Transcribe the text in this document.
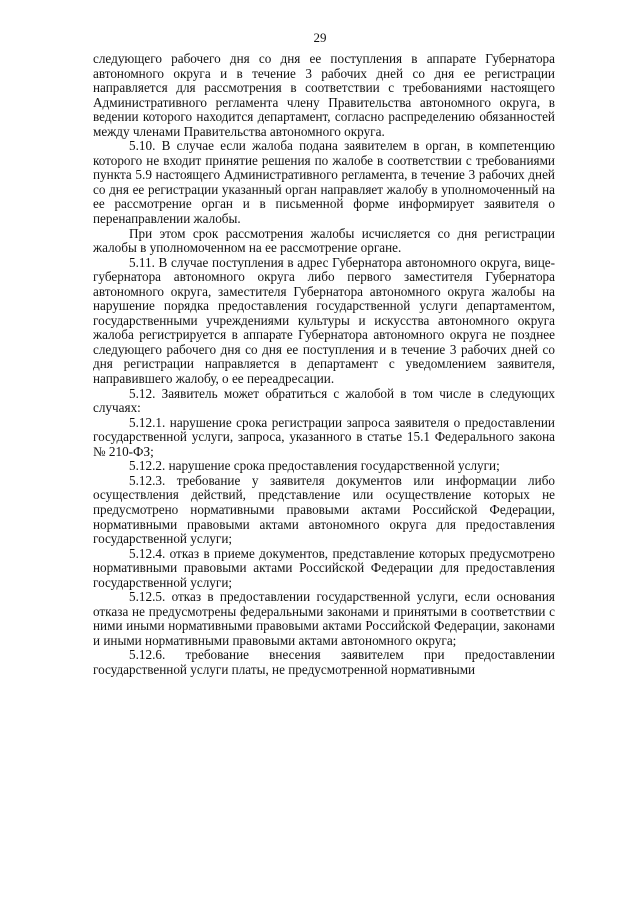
29

следующего рабочего дня со дня ее поступления в аппарате Губернатора автономного округа и в течение 3 рабочих дней со дня ее регистрации направляется для рассмотрения в соответствии с требованиями настоящего Административного регламента члену Правительства автономного округа, в ведении которого находится департамент, согласно распределению обязанностей между членами Правительства автономного округа.

5.10. В случае если жалоба подана заявителем в орган, в компетенцию которого не входит принятие решения по жалобе в соответствии с требованиями пункта 5.9 настоящего Административного регламента, в течение 3 рабочих дней со дня ее регистрации указанный орган направляет жалобу в уполномоченный на ее рассмотрение орган и в письменной форме информирует заявителя о перенаправлении жалобы.

При этом срок рассмотрения жалобы исчисляется со дня регистрации жалобы в уполномоченном на ее рассмотрение органе.

5.11. В случае поступления в адрес Губернатора автономного округа, вице-губернатора автономного округа либо первого заместителя Губернатора автономного округа, заместителя Губернатора автономного округа жалобы на нарушение порядка предоставления государственной услуги департаментом, государственными учреждениями культуры и искусства автономного округа жалоба регистрируется в аппарате Губернатора автономного округа не позднее следующего рабочего дня со дня ее поступления и в течение 3 рабочих дней со дня регистрации направляется в департамент с уведомлением заявителя, направившего жалобу, о ее переадресации.

5.12. Заявитель может обратиться с жалобой в том числе в следующих случаях:

5.12.1. нарушение срока регистрации запроса заявителя о предоставлении государственной услуги, запроса, указанного в статье 15.1 Федерального закона № 210-ФЗ;

5.12.2. нарушение срока предоставления государственной услуги;

5.12.3. требование у заявителя документов или информации либо осуществления действий, представление или осуществление которых не предусмотрено нормативными правовыми актами Российской Федерации, нормативными правовыми актами автономного округа для предоставления государственной услуги;

5.12.4. отказ в приеме документов, представление которых предусмотрено нормативными правовыми актами Российской Федерации для предоставления государственной услуги;

5.12.5. отказ в предоставлении государственной услуги, если основания отказа не предусмотрены федеральными законами и принятыми в соответствии с ними иными нормативными правовыми актами Российской Федерации, законами и иными нормативными правовыми актами автономного округа;

5.12.6. требование внесения заявителем при предоставлении государственной услуги платы, не предусмотренной нормативными
